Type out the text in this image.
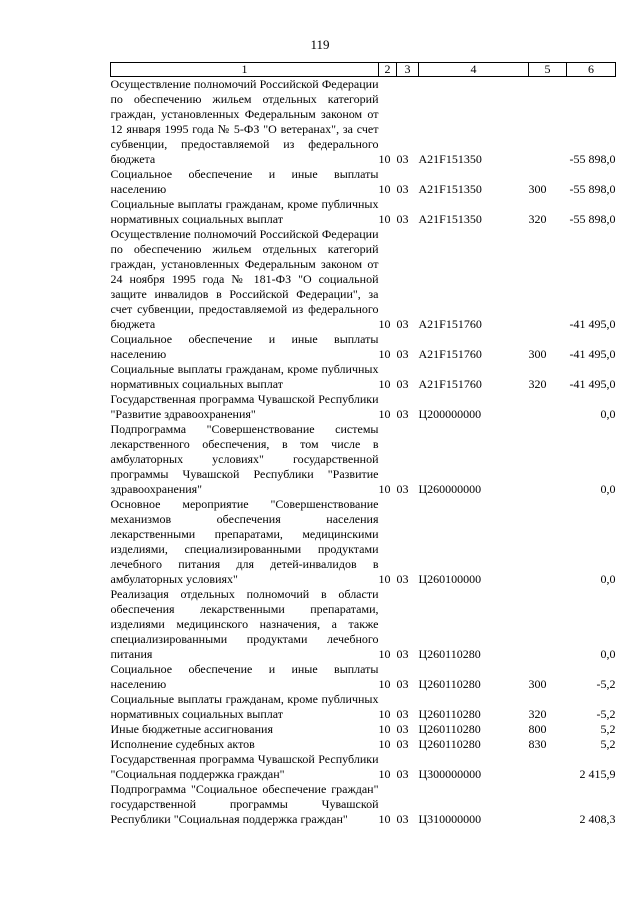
119
1	2	3	4	5	6
Осуществление полномочий Российской Федерации по обеспечению жильем отдельных категорий граждан, установленных Федеральным законом от 12 января 1995 года № 5-ФЗ "О ветеранах", за счет субвенции, предоставляемой из федерального бюджета	10	03	A21F151350		-55 898,0
Социальное обеспечение и иные выплаты населению	10	03	A21F151350	300	-55 898,0
Социальные выплаты гражданам, кроме публичных нормативных социальных выплат	10	03	A21F151350	320	-55 898,0
Осуществление полномочий Российской Федерации по обеспечению жильем отдельных категорий граждан, установленных Федеральным законом от 24 ноября 1995 года № 181-ФЗ "О социальной защите инвалидов в Российской Федерации", за счет субвенции, предоставляемой из федерального бюджета	10	03	A21F151760		-41 495,0
Социальное обеспечение и иные выплаты населению	10	03	A21F151760	300	-41 495,0
Социальные выплаты гражданам, кроме публичных нормативных социальных выплат	10	03	A21F151760	320	-41 495,0
Государственная программа Чувашской Республики "Развитие здравоохранения"	10	03	Ц200000000		0,0
Подпрограмма "Совершенствование системы лекарственного обеспечения, в том числе в амбулаторных условиях" государственной программы Чувашской Республики "Развитие здравоохранения"	10	03	Ц260000000		0,0
Основное мероприятие "Совершенствование механизмов обеспечения населения лекарственными препаратами, медицинскими изделиями, специализированными продуктами лечебного питания для детей-инвалидов в амбулаторных условиях"	10	03	Ц260100000		0,0
Реализация отдельных полномочий в области обеспечения лекарственными препаратами, изделиями медицинского назначения, а также специализированными продуктами лечебного питания	10	03	Ц260110280		0,0
Социальное обеспечение и иные выплаты населению	10	03	Ц260110280	300	-5,2
Социальные выплаты гражданам, кроме публичных нормативных социальных выплат	10	03	Ц260110280	320	-5,2
Иные бюджетные ассигнования	10	03	Ц260110280	800	5,2
Исполнение судебных актов	10	03	Ц260110280	830	5,2
Государственная программа Чувашской Республики "Социальная поддержка граждан"	10	03	Ц300000000		2 415,9
Подпрограмма "Социальное обеспечение граждан" государственной программы Чувашской Республики "Социальная поддержка граждан"	10	03	Ц310000000		2 408,3
